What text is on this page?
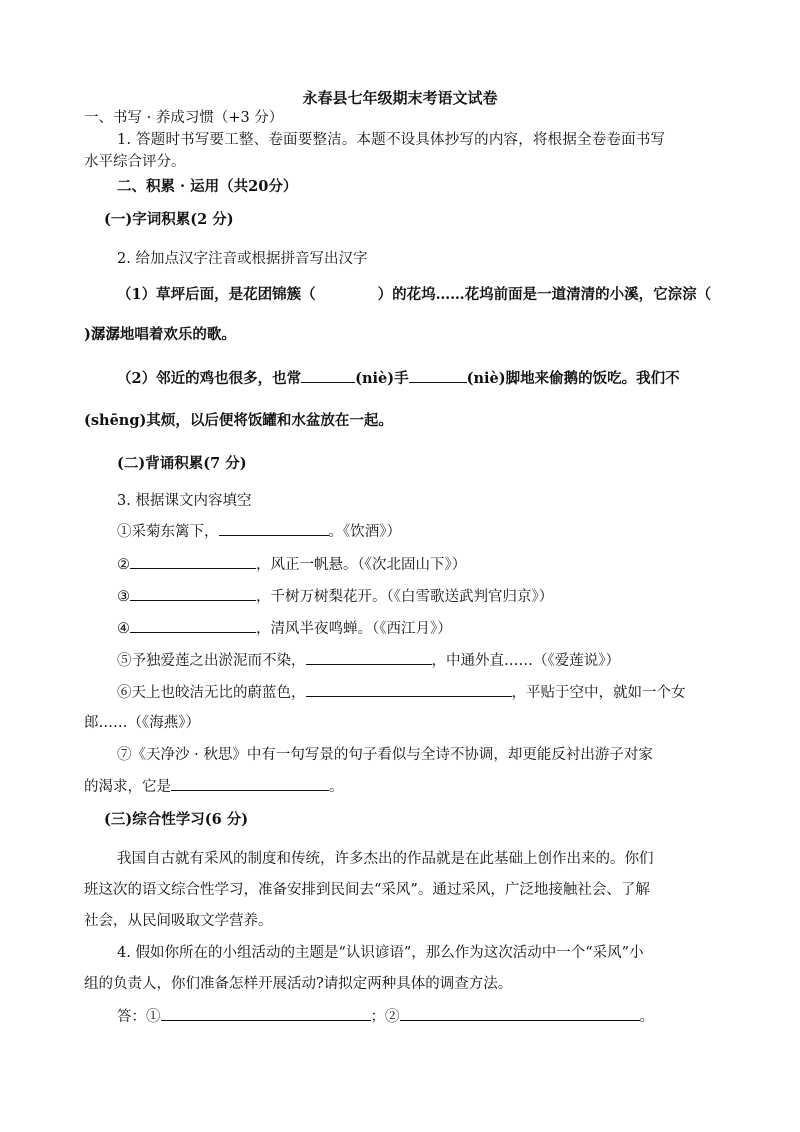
永春县七年级期末考语文试卷
一、书写 · 养成习惯（+3 分）
1. 答题时书写要工整、卷面要整洁。本题不设具体抄写的内容，将根据全卷卷面书写
水平综合评分。
二、积累 · 运用（共20分）
(一)字词积累(2 分)
2. 给加点汉字注音或根据拼音写出汉字
（1）草坪后面，是花团锦簇（	）的花坞……花坞前面是一道清清的小溪，它淙淙（
)潺潺地唱着欢乐的歌。
（2）邻近的鸡也很多，也常	(niè)手	(niè)脚地来偷鹅的饭吃。我们不
(shēng)其烦，以后便将饭罐和水盆放在一起。
(二)背诵积累(7 分)
3. 根据课文内容填空
①采菊东篱下，	。《饮酒》）
②	，风正一帆悬。（《次北固山下》）
③	，千树万树梨花开。（《白雪歌送武判官归京》）
④	，清风半夜鸣蝉。（《西江月》）
⑤予独爱莲之出淤泥而不染，	，中通外直……（《爱莲说》）
⑥天上也皎洁无比的蔚蓝色，	，平贴于空中，就如一个女
郎……（《海燕》）
⑦《天净沙 · 秋思》中有一句写景的句子看似与全诗不协调，却更能反衬出游子对家
的渴求，它是	。
(三)综合性学习(6 分)
我国自古就有采风的制度和传统，许多杰出的作品就是在此基础上创作出来的。你们
班这次的语文综合性学习，准备安排到民间去“采风”。通过采风，广泛地接触社会、了解
社会，从民间吸取文学营养。
4. 假如你所在的小组活动的主题是“认识谚语”，那么作为这次活动中一个“采风”小
组的负责人，你们准备怎样开展活动?请拟定两种具体的调查方法。
答：①	；②	。
